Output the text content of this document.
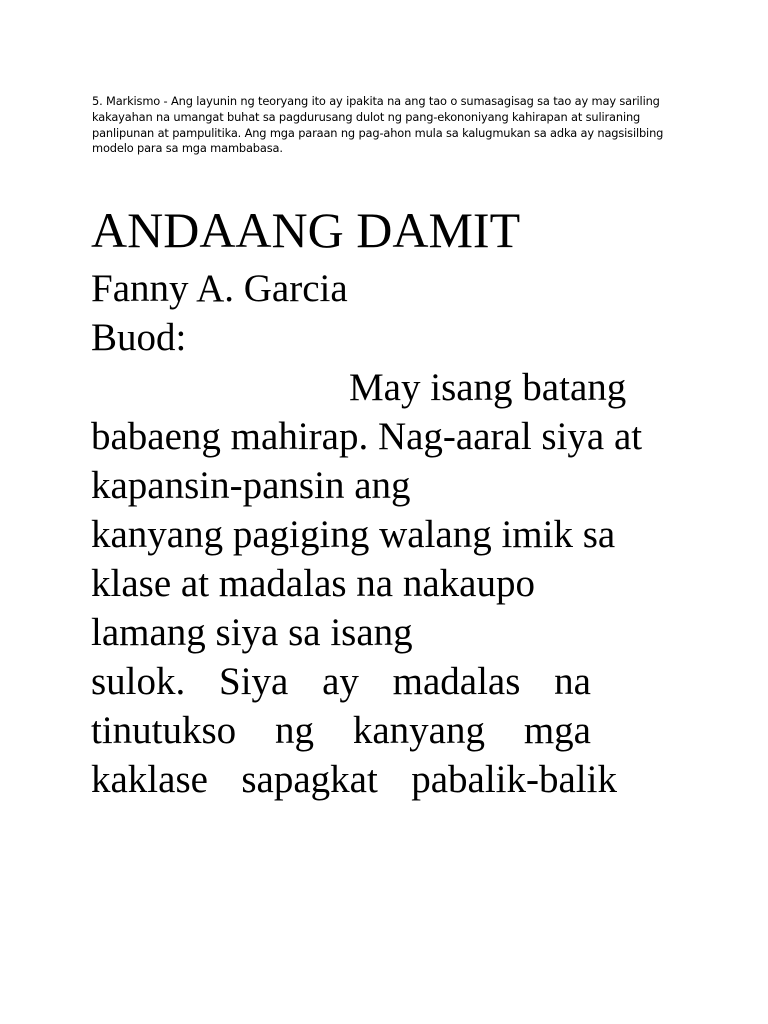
5. Markismo - Ang layunin ng teoryang ito ay ipakita na ang tao o sumasagisag sa tao ay may sariling
kakayahan na umangat buhat sa pagdurusang dulot ng pang-ekononiyang kahirapan at suliraning
panlipunan at pampulitika. Ang mga paraan ng pag-ahon mula sa kalugmukan sa adka ay nagsisilbing
modelo para sa mga mambabasa.
ANDAANG DAMIT
Fanny A. Garcia
Buod:
May isang batang
babaeng mahirap. Nag-aaral siya at
kapansin-pansin ang
kanyang pagiging walang imik sa
klase at madalas na nakaupo
lamang siya sa isang
sulok. Siya ay madalas na
tinutukso ng kanyang mga
kaklase sapagkat pabalik-balik
